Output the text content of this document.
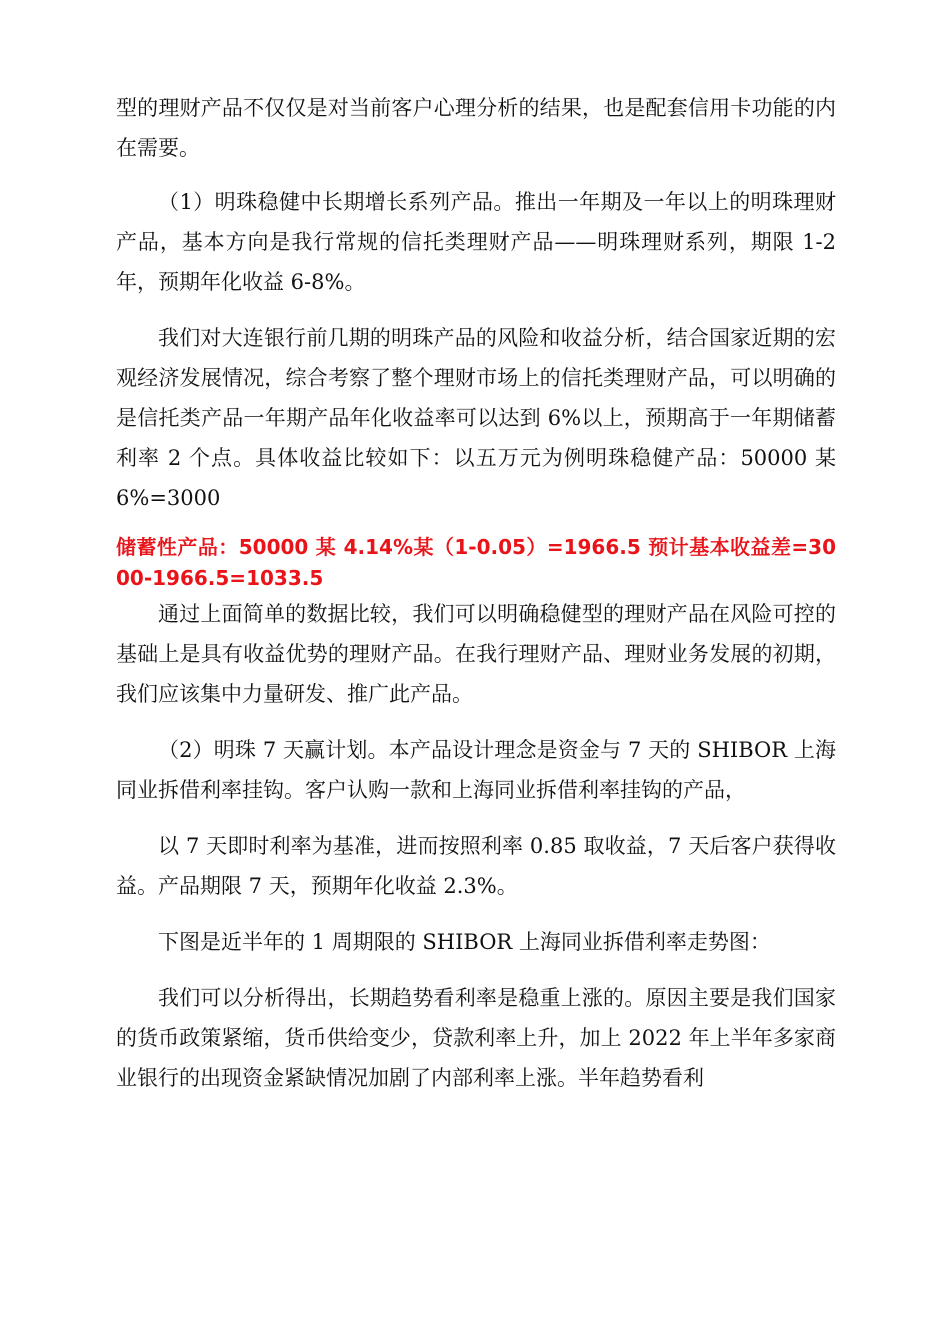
型的理财产品不仅仅是对当前客户心理分析的结果，也是配套信用卡功能的内在需要。

（1）明珠稳健中长期增长系列产品。推出一年期及一年以上的明珠理财产品，基本方向是我行常规的信托类理财产品——明珠理财系列，期限 1-2 年，预期年化收益 6-8%。

我们对大连银行前几期的明珠产品的风险和收益分析，结合国家近期的宏观经济发展情况，综合考察了整个理财市场上的信托类理财产品，可以明确的是信托类产品一年期产品年化收益率可以达到 6%以上，预期高于一年期储蓄利率 2 个点。具体收益比较如下：以五万元为例明珠稳健产品：50000 某 6%=3000

储蓄性产品：50000 某 4.14%某（1-0.05）=1966.5 预计基本收益差=3000-1966.5=1033.5

通过上面简单的数据比较，我们可以明确稳健型的理财产品在风险可控的基础上是具有收益优势的理财产品。在我行理财产品、理财业务发展的初期，我们应该集中力量研发、推广此产品。

（2）明珠 7 天赢计划。本产品设计理念是资金与 7 天的 SHIBOR 上海同业拆借利率挂钩。客户认购一款和上海同业拆借利率挂钩的产品，

以 7 天即时利率为基准，进而按照利率 0.85 取收益，7 天后客户获得收益。产品期限 7 天，预期年化收益 2.3%。

下图是近半年的 1 周期限的 SHIBOR 上海同业拆借利率走势图：

我们可以分析得出，长期趋势看利率是稳重上涨的。原因主要是我们国家的货币政策紧缩，货币供给变少，贷款利率上升，加上 2022 年上半年多家商业银行的出现资金紧缺情况加剧了内部利率上涨。半年趋势看利
